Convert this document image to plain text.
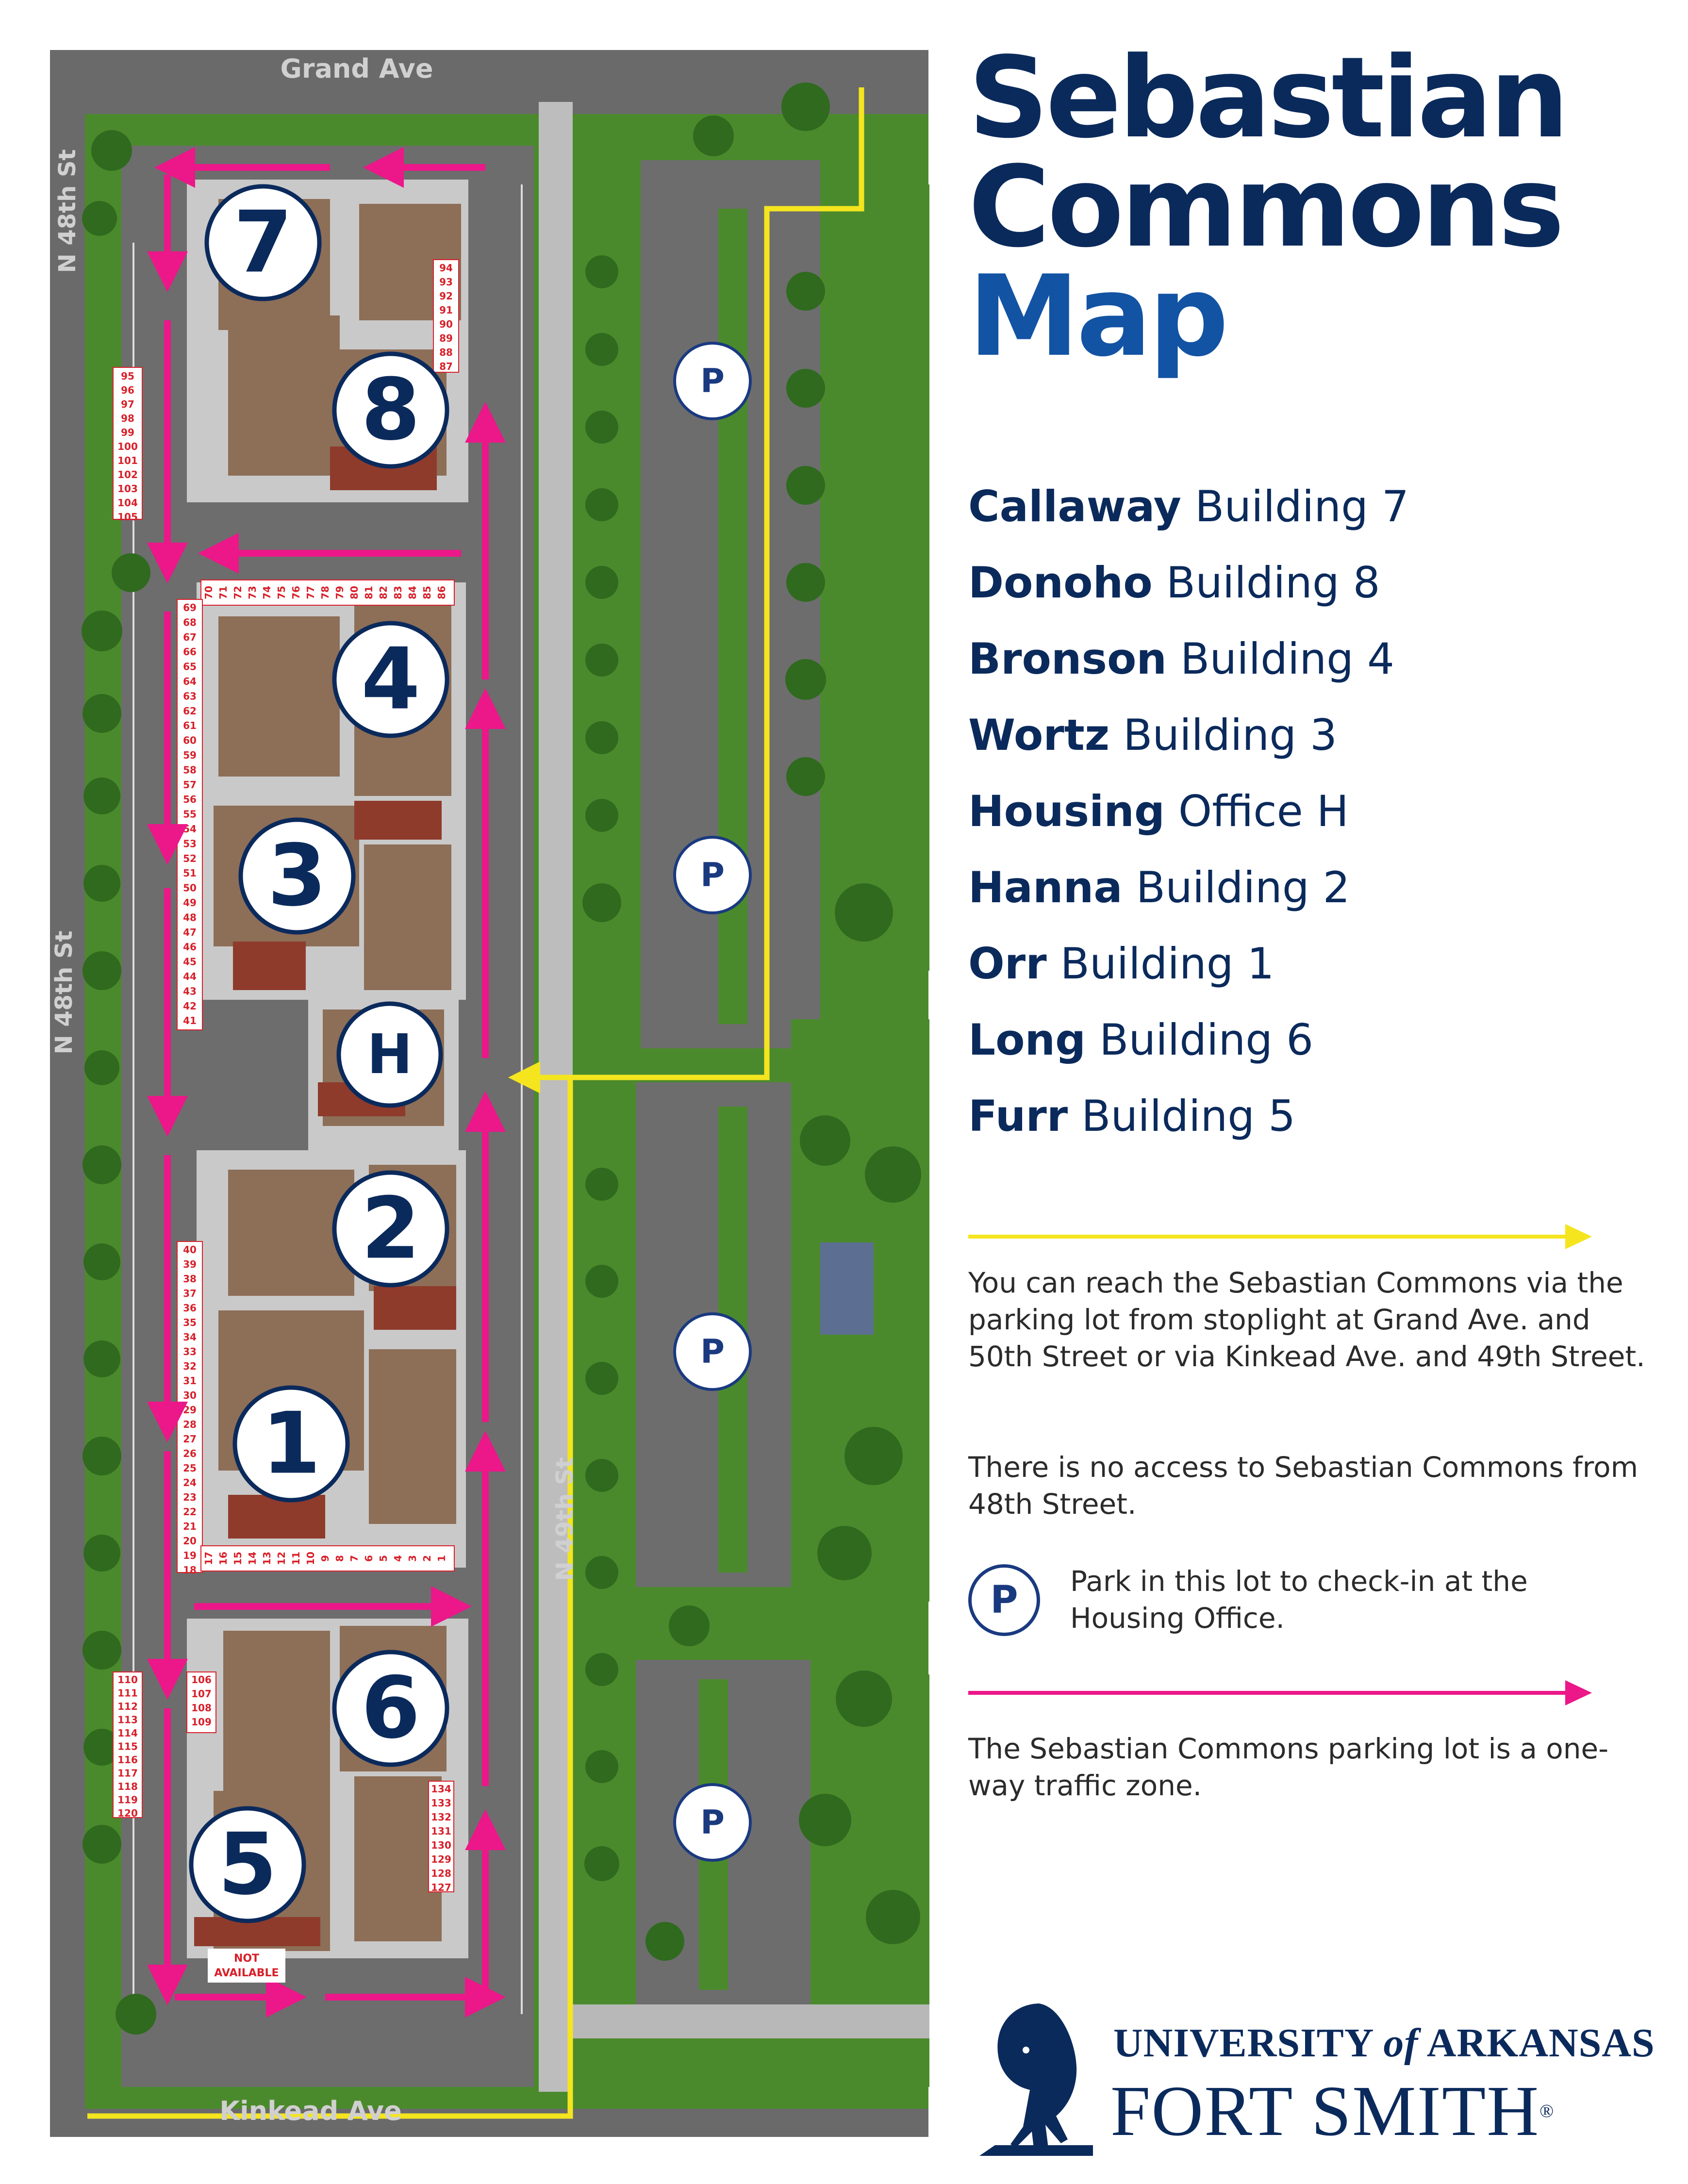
95
96
97
98
99
100
101
102
103
104
105
94
93
92
91
90
89
88
87
70 71 72 73 74 75 76 77 78 79 80 81 82 83 84 85 86
69
68
67
66
65
64
63
62
61
60
59
58
57
56
55
54
53
52
51
50
49
48
47
46
45
44
43
42
41
40
39
38
37
36
35
34
33
32
31
30
29
28
27
26
25
24
23
22
21
20
19
18
17 16 15 14 13 12 11 10 9 8 7 6 5 4 3 2 1
110
111
112
113
114
115
116
117
118
119
120
106
107
108
109
134
133
132
131
130
129
128
127
Grand Ave
N 48th St
N 48th St
N 49th St
Kinkead Ave
NOT
AVAILABLE
7
8
4
3
H
2
1
6
5
P
P
P
P
Sebastian
Commons
Map
Callaway Building 7
Donoho Building 8
Bronson Building 4
Wortz Building 3
Housing Office H
Hanna Building 2
Orr Building 1
Long Building 6
Furr Building 5

You can reach the Sebastian Commons via the parking lot from stoplight at Grand Ave. and 50th Street or via Kinkead Ave. and 49th Street.

There is no access to Sebastian Commons from 48th Street.

P	Park in this lot to check-in at the Housing Office.

The Sebastian Commons parking lot is a one-way traffic zone.

UNIVERSITY of ARKANSAS

FORT SMITH®
